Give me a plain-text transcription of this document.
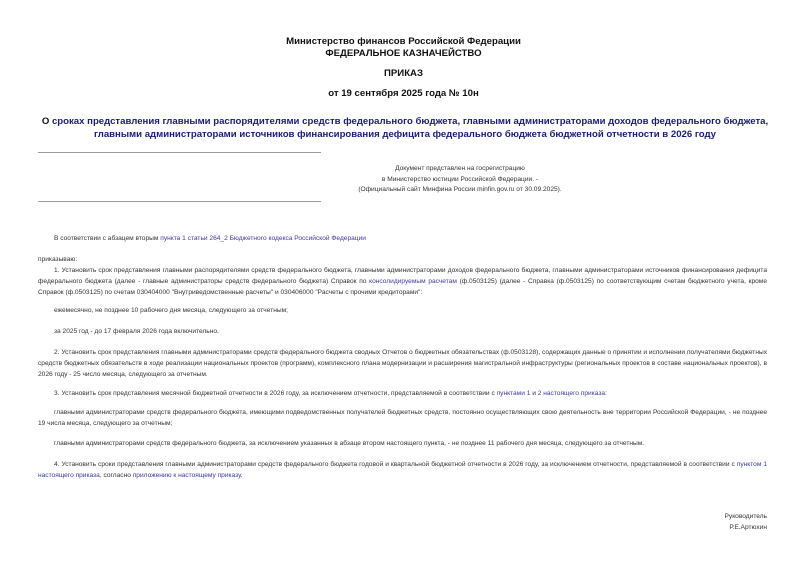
Министерство финансов Российской Федерации
ФЕДЕРАЛЬНОЕ КАЗНАЧЕЙСТВО
ПРИКАЗ
от 19 сентября 2025 года № 10н
О сроках представления главными распорядителями средств федерального бюджета, главными администраторами доходов федерального бюджета, главными администраторами источников финансирования дефицита федерального бюджета бюджетной отчетности в 2026 году
Документ представлен на госрегистрацию
в Министерство юстиции Российской Федерации. -
(Официальный сайт Минфина России minfin.gov.ru от 30.09.2025).
В соответствии с абзацем вторым пункта 1 статьи 264_2 Бюджетного кодекса Российской Федерации
приказываю:
1. Установить срок представления главными распорядителями средств федерального бюджета, главными администраторами доходов федерального бюджета, главными администраторами источников финансирования дефицита федерального бюджета (далее - главные администраторы средств федерального бюджета) Справок по консолидируемым расчетам (ф.0503125) (далее - Справка (ф.0503125) по соответствующим счетам бюджетного учета, кроме Справок (ф.0503125) по счетам 030404000 "Внутриведомственные расчеты" и 030406000 "Расчеты с прочими кредиторами":
ежемесячно, не позднее 10 рабочего дня месяца, следующего за отчетным;
за 2025 год - до 17 февраля 2026 года включительно.
2. Установить срок представления главными администраторами средств федерального бюджета сводных Отчетов о бюджетных обязательствах (ф.0503128), содержащих данные о принятии и исполнении получателями бюджетных средств бюджетных обязательств в ходе реализации национальных проектов (программ), комплексного плана модернизации и расширения магистральной инфраструктуры (региональных проектов в составе национальных проектов), в 2026 году - 25 число месяца, следующего за отчетным.
3. Установить срок представления месячной бюджетной отчетности в 2026 году, за исключением отчетности, представляемой в соответствии с пунктами 1 и 2 настоящего приказа:
главными администраторами средств федерального бюджета, имеющими подведомственных получателей бюджетных средств, постоянно осуществляющих свою деятельность вне территории Российской Федерации, - не позднее 19 числа месяца, следующего за отчетным;
главными администраторами средств федерального бюджета, за исключением указанных в абзаце втором настоящего пункта, - не позднее 11 рабочего дня месяца, следующего за отчетным.
4. Установить сроки представления главными администраторами средств федерального бюджета годовой и квартальной бюджетной отчетности в 2026 году, за исключением отчетности, представляемой в соответствии с пунктом 1 настоящего приказа, согласно приложению к настоящему приказу.
Руководитель
Р.Е.Артюхин
